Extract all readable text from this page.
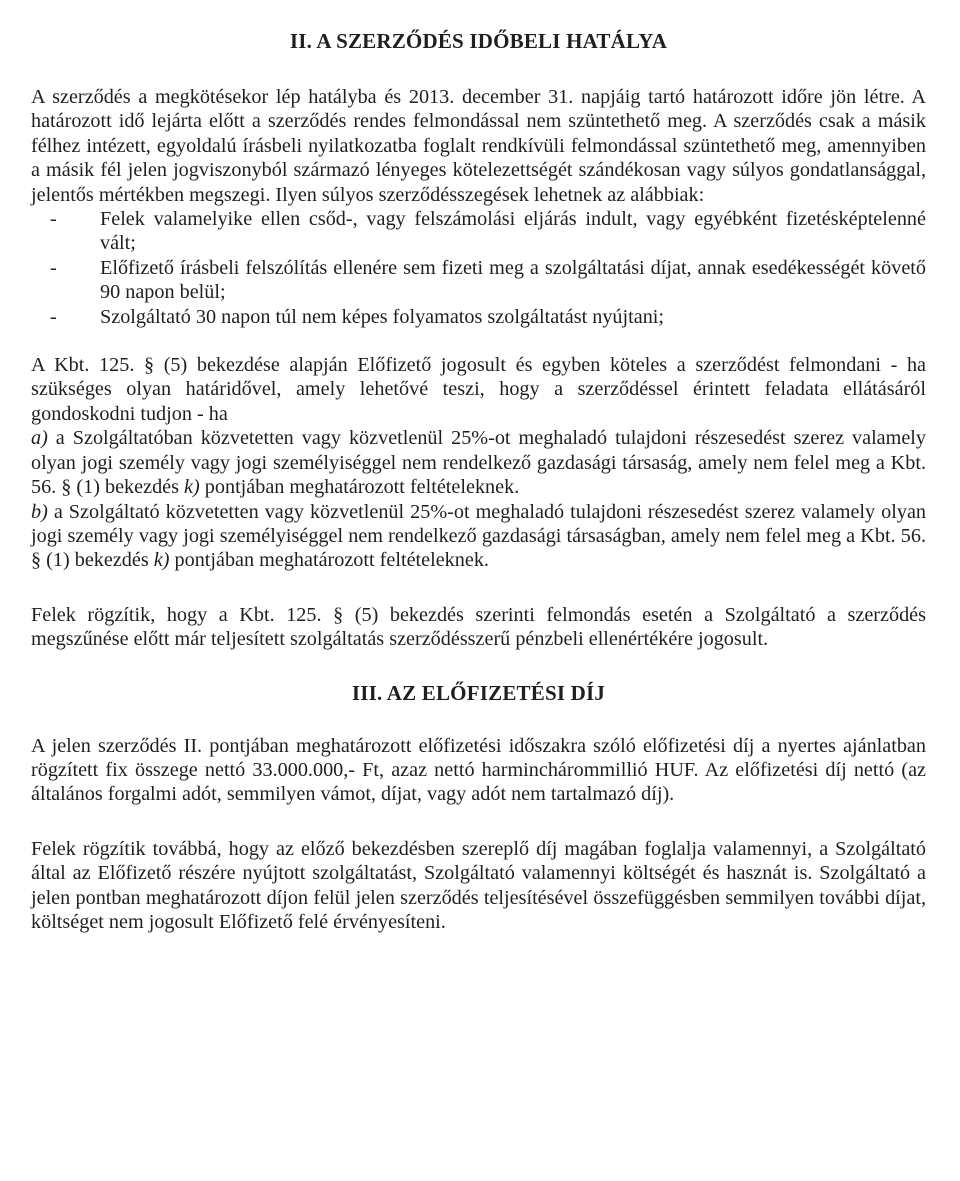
II. A SZERZŐDÉS IDŐBELI HATÁLYA

A szerződés a megkötésekor lép hatályba és 2013. december 31. napjáig tartó határozott időre jön létre. A határozott idő lejárta előtt a szerződés rendes felmondással nem szüntethető meg. A szerződés csak a másik félhez intézett, egyoldalú írásbeli nyilatkozatba foglalt rendkívüli felmondással szüntethető meg, amennyiben a másik fél jelen jogviszonyból származó lényeges kötelezettségét szándékosan vagy súlyos gondatlansággal, jelentős mértékben megszegi. Ilyen súlyos szerződésszegések lehetnek az alábbiak:

- Felek valamelyike ellen csőd-, vagy felszámolási eljárás indult, vagy egyébként fizetésképtelenné vált;
- Előfizető írásbeli felszólítás ellenére sem fizeti meg a szolgáltatási díjat, annak esedékességét követő 90 napon belül;
- Szolgáltató 30 napon túl nem képes folyamatos szolgáltatást nyújtani;

A Kbt. 125. § (5) bekezdése alapján Előfizető jogosult és egyben köteles a szerződést felmondani - ha szükséges olyan határidővel, amely lehetővé teszi, hogy a szerződéssel érintett feladata ellátásáról gondoskodni tudjon - ha

a) a Szolgáltatóban közvetetten vagy közvetlenül 25%-ot meghaladó tulajdoni részesedést szerez valamely olyan jogi személy vagy jogi személyiséggel nem rendelkező gazdasági társaság, amely nem felel meg a Kbt. 56. § (1) bekezdés k) pontjában meghatározott feltételeknek.

b) a Szolgáltató közvetetten vagy közvetlenül 25%-ot meghaladó tulajdoni részesedést szerez valamely olyan jogi személy vagy jogi személyiséggel nem rendelkező gazdasági társaságban, amely nem felel meg a Kbt. 56. § (1) bekezdés k) pontjában meghatározott feltételeknek.

Felek rögzítik, hogy a Kbt. 125. § (5) bekezdés szerinti felmondás esetén a Szolgáltató a szerződés megszűnése előtt már teljesített szolgáltatás szerződésszerű pénzbeli ellenértékére jogosult.

III. AZ ELŐFIZETÉSI DÍJ

A jelen szerződés II. pontjában meghatározott előfizetési időszakra szóló előfizetési díj a nyertes ajánlatban rögzített fix összege nettó 33.000.000,- Ft, azaz nettó harminchárommillió HUF. Az előfizetési díj nettó (az általános forgalmi adót, semmilyen vámot, díjat, vagy adót nem tartalmazó díj).

Felek rögzítik továbbá, hogy az előző bekezdésben szereplő díj magában foglalja valamennyi, a Szolgáltató által az Előfizető részére nyújtott szolgáltatást, Szolgáltató valamennyi költségét és hasznát is. Szolgáltató a jelen pontban meghatározott díjon felül jelen szerződés teljesítésével összefüggésben semmilyen további díjat, költséget nem jogosult Előfizető felé érvényesíteni.
